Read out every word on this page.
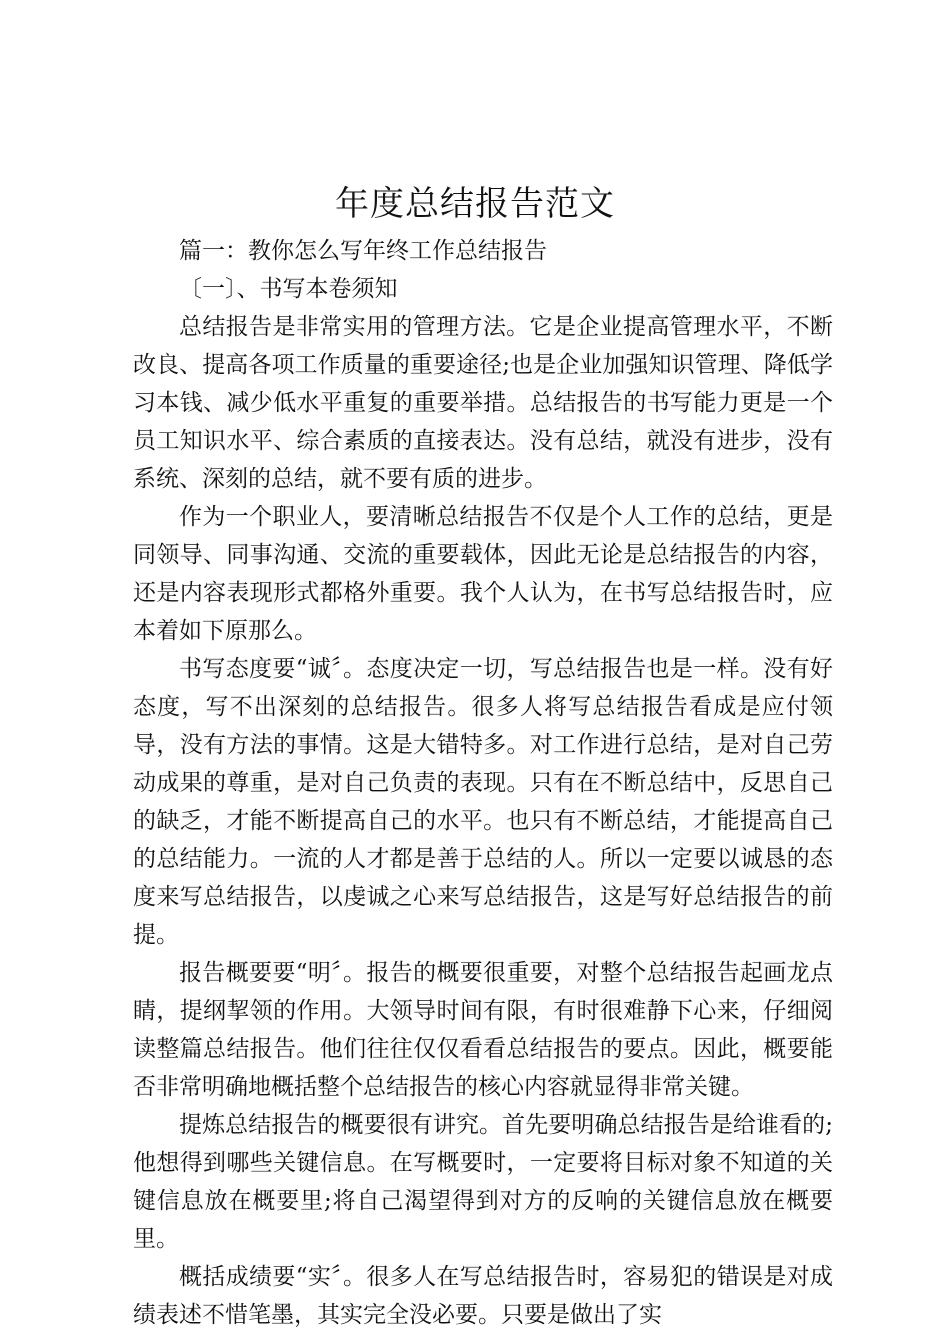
年度总结报告范文

篇一：教你怎么写年终工作总结报告

〔一〕、书写本卷须知

总结报告是非常实用的管理方法。它是企业提高管理水平，不断改良、提高各项工作质量的重要途径;也是企业加强知识管理、降低学习本钱、减少低水平重复的重要举措。总结报告的书写能力更是一个员工知识水平、综合素质的直接表达。没有总结，就没有进步，没有系统、深刻的总结，就不要有质的进步。

作为一个职业人，要清晰总结报告不仅是个人工作的总结，更是同领导、同事沟通、交流的重要载体，因此无论是总结报告的内容，还是内容表现形式都格外重要。我个人认为，在书写总结报告时，应本着如下原那么。

书写态度要“诚〞。态度决定一切，写总结报告也是一样。没有好态度，写不出深刻的总结报告。很多人将写总结报告看成是应付领导，没有方法的事情。这是大错特多。对工作进行总结，是对自己劳动成果的尊重，是对自己负责的表现。只有在不断总结中，反思自己的缺乏，才能不断提高自己的水平。也只有不断总结，才能提高自己的总结能力。一流的人才都是善于总结的人。所以一定要以诚恳的态度来写总结报告，以虔诚之心来写总结报告，这是写好总结报告的前提。

报告概要要“明〞。报告的概要很重要，对整个总结报告起画龙点睛，提纲挈领的作用。大领导时间有限，有时很难静下心来，仔细阅读整篇总结报告。他们往往仅仅看看总结报告的要点。因此，概要能否非常明确地概括整个总结报告的核心内容就显得非常关键。

提炼总结报告的概要很有讲究。首先要明确总结报告是给谁看的;他想得到哪些关键信息。在写概要时，一定要将目标对象不知道的关键信息放在概要里;将自己渴望得到对方的反响的关键信息放在概要里。

概括成绩要“实〞。很多人在写总结报告时，容易犯的错误是对成绩表述不惜笔墨，其实完全没必要。只要是做出了实
